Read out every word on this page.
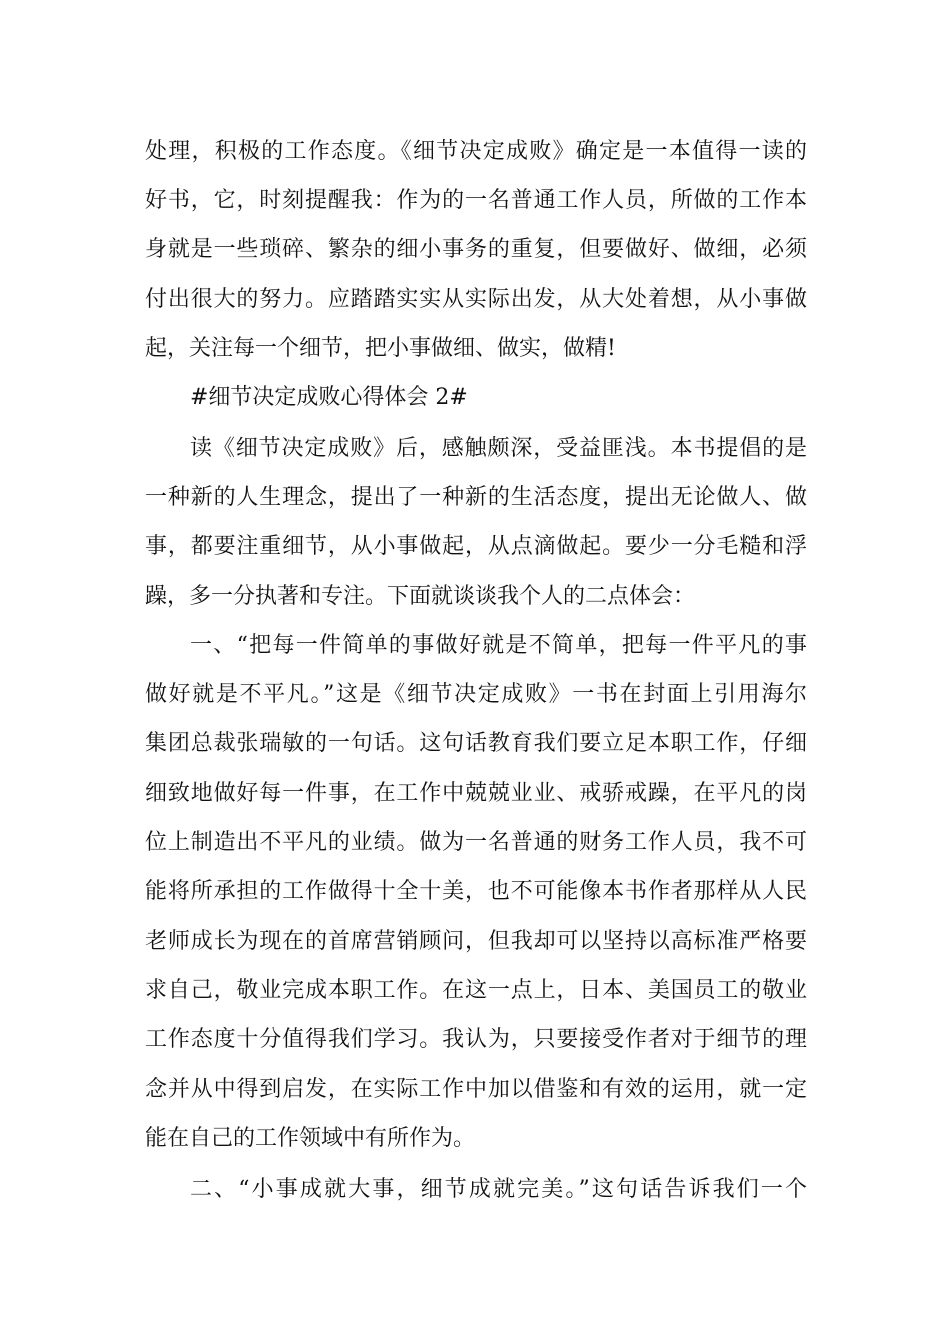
处理，积极的工作态度。《细节决定成败》确定是一本值得一读的
好书，它，时刻提醒我：作为的一名普通工作人员，所做的工作本
身就是一些琐碎、繁杂的细小事务的重复，但要做好、做细，必须
付出很大的努力。应踏踏实实从实际出发，从大处着想，从小事做
起，关注每一个细节，把小事做细、做实，做精!
#细节决定成败心得体会 2#
读《细节决定成败》后，感触颇深，受益匪浅。本书提倡的是
一种新的人生理念，提出了一种新的生活态度，提出无论做人、做
事，都要注重细节，从小事做起，从点滴做起。要少一分毛糙和浮
躁，多一分执著和专注。下面就谈谈我个人的二点体会：
一、“把每一件简单的事做好就是不简单，把每一件平凡的事
做好就是不平凡。”这是《细节决定成败》一书在封面上引用海尔
集团总裁张瑞敏的一句话。这句话教育我们要立足本职工作，仔细
细致地做好每一件事，在工作中兢兢业业、戒骄戒躁，在平凡的岗
位上制造出不平凡的业绩。做为一名普通的财务工作人员，我不可
能将所承担的工作做得十全十美，也不可能像本书作者那样从人民
老师成长为现在的首席营销顾问，但我却可以坚持以高标准严格要
求自己，敬业完成本职工作。在这一点上，日本、美国员工的敬业
工作态度十分值得我们学习。我认为，只要接受作者对于细节的理
念并从中得到启发，在实际工作中加以借鉴和有效的运用，就一定
能在自己的工作领域中有所作为。
二、“小事成就大事，细节成就完美。”这句话告诉我们一个
